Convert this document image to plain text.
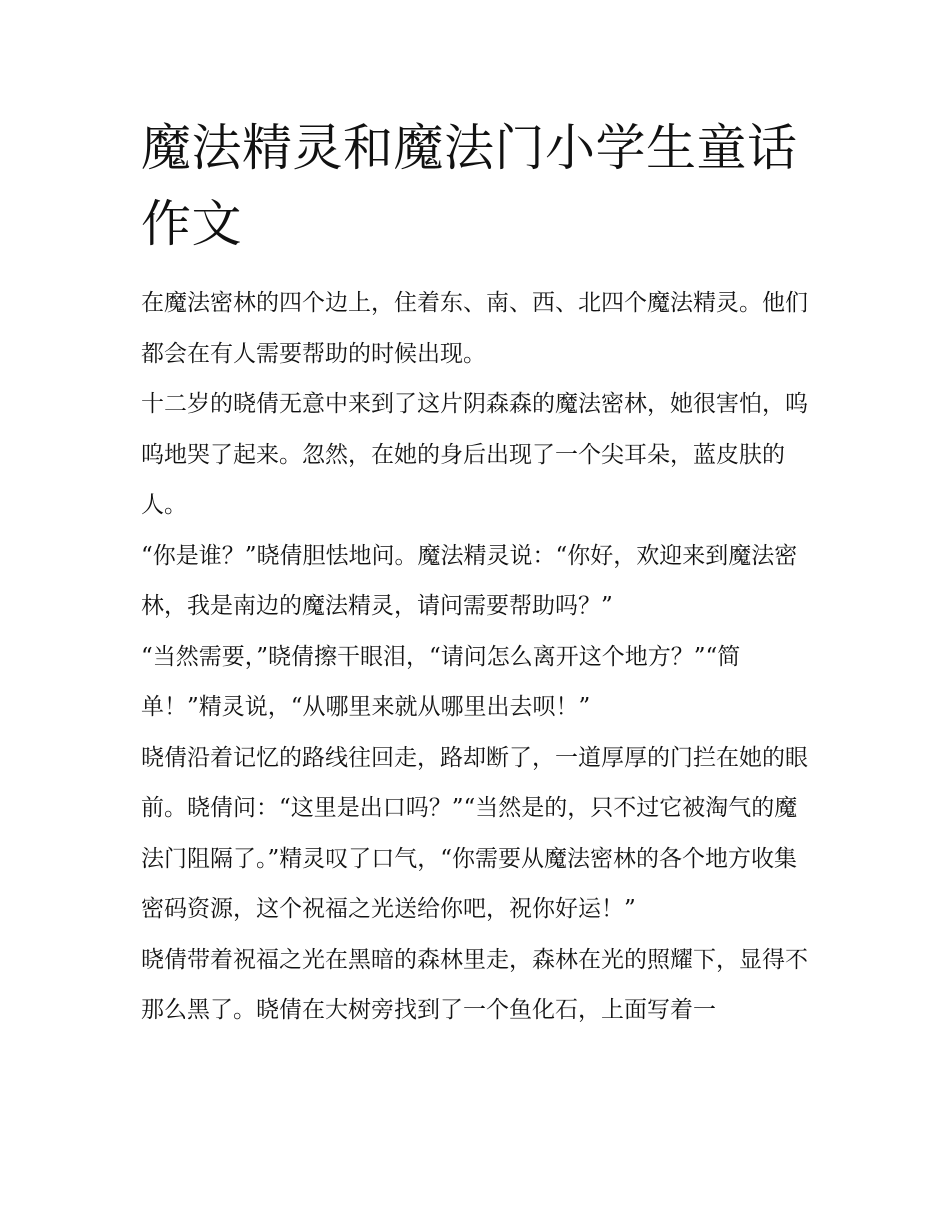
魔法精灵和魔法门小学生童话作文

在魔法密林的四个边上，住着东、南、西、北四个魔法精灵。他们都会在有人需要帮助的时候出现。

十二岁的晓倩无意中来到了这片阴森森的魔法密林，她很害怕，呜呜地哭了起来。忽然，在她的身后出现了一个尖耳朵，蓝皮肤的人。

“你是谁？”晓倩胆怯地问。魔法精灵说：“你好，欢迎来到魔法密林，我是南边的魔法精灵，请问需要帮助吗？”

“当然需要，”晓倩擦干眼泪，“请问怎么离开这个地方？”“简单！”精灵说，“从哪里来就从哪里出去呗！”

晓倩沿着记忆的路线往回走，路却断了，一道厚厚的门拦在她的眼前。晓倩问：“这里是出口吗？”“当然是的，只不过它被淘气的魔法门阻隔了。”精灵叹了口气，“你需要从魔法密林的各个地方收集密码资源，这个祝福之光送给你吧，祝你好运！”

晓倩带着祝福之光在黑暗的森林里走，森林在光的照耀下，显得不那么黑了。晓倩在大树旁找到了一个鱼化石，上面写着一
